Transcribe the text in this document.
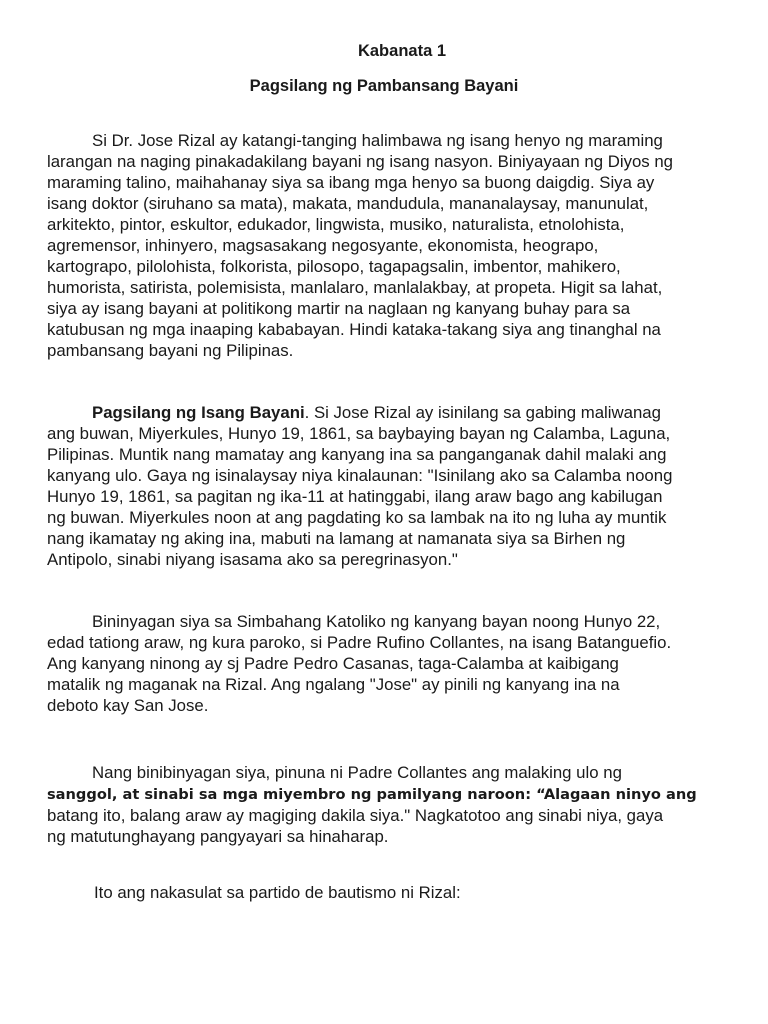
Kabanata 1
Pagsilang ng Pambansang Bayani

Si Dr. Jose Rizal ay katangi-tanging halimbawa ng isang henyo ng maraming
larangan na naging pinakadakilang bayani ng isang nasyon. Biniyayaan ng Diyos ng
maraming talino, maihahanay siya sa ibang mga henyo sa buong daigdig. Siya ay
isang doktor (siruhano sa mata), makata, mandudula, mananalaysay, manunulat,
arkitekto, pintor, eskultor, edukador, lingwista, musiko, naturalista, etnolohista,
agremensor, inhinyero, magsasakang negosyante, ekonomista, heograpo,
kartograpo, pilolohista, folkorista, pilosopo, tagapagsalin, imbentor, mahikero,
humorista, satirista, polemisista, manlalaro, manlalakbay, at propeta. Higit sa lahat,
siya ay isang bayani at politikong martir na naglaan ng kanyang buhay para sa
katubusan ng mga inaaping kababayan. Hindi kataka-takang siya ang tinanghal na
pambansang bayani ng Pilipinas.

Pagsilang ng Isang Bayani. Si Jose Rizal ay isinilang sa gabing maliwanag
ang buwan, Miyerkules, Hunyo 19, 1861, sa baybaying bayan ng Calamba, Laguna,
Pilipinas. Muntik nang mamatay ang kanyang ina sa panganganak dahil malaki ang
kanyang ulo. Gaya ng isinalaysay niya kinalaunan: "Isinilang ako sa Calamba noong
Hunyo 19, 1861, sa pagitan ng ika-11 at hatinggabi, ilang araw bago ang kabilugan
ng buwan. Miyerkules noon at ang pagdating ko sa lambak na ito ng luha ay muntik
nang ikamatay ng aking ina, mabuti na lamang at namanata siya sa Birhen ng
Antipolo, sinabi niyang isasama ako sa peregrinasyon."

Bininyagan siya sa Simbahang Katoliko ng kanyang bayan noong Hunyo 22,
edad tationg araw, ng kura paroko, si Padre Rufino Collantes, na isang Batanguefio.
Ang kanyang ninong ay sj Padre Pedro Casanas, taga-Calamba at kaibigang
matalik ng maganak na Rizal. Ang ngalang "Jose" ay pinili ng kanyang ina na
deboto kay San Jose.

Nang binibinyagan siya, pinuna ni Padre Collantes ang malaking ulo ng
sanggol, at sinabi sa mga miyembro ng pamilyang naroon: “Alagaan ninyo ang
batang ito, balang araw ay magiging dakila siya." Nagkatotoo ang sinabi niya, gaya
ng matutunghayang pangyayari sa hinaharap.

Ito ang nakasulat sa partido de bautismo ni Rizal:
